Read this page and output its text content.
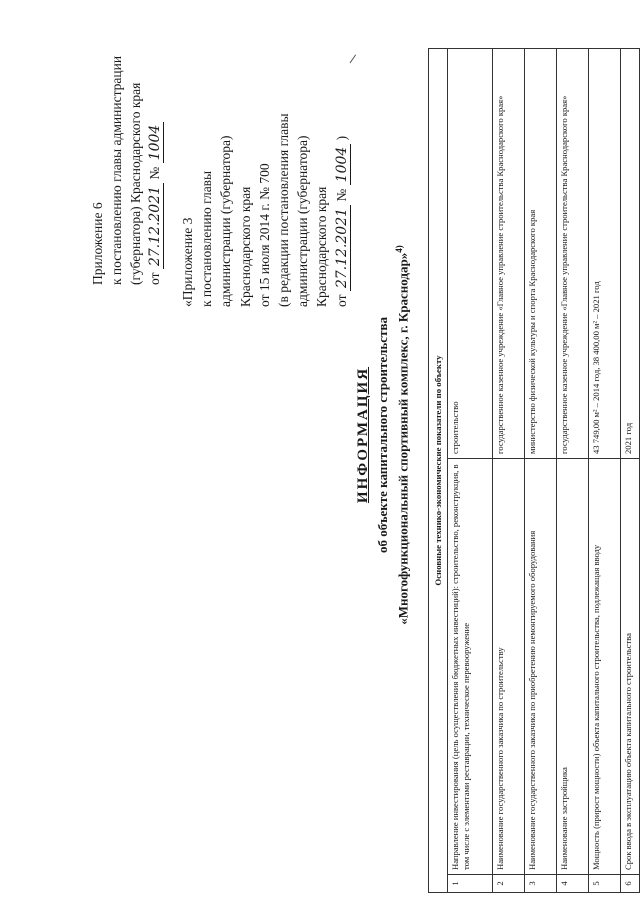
Приложение 6 к постановлению главы администрации (губернатора) Краснодарского края от 27.12.2021 № 1004
«Приложение 3 к постановлению главы администрации (губернатора) Краснодарского края от 15 июля 2014 г. № 700 (в редакции постановления главы администрации (губернатора) Краснодарского края от 27.12.2021 № 1004 )
ИНФОРМАЦИЯ об объекте капитального строительства «Многофункциональный спортивный комплекс, г. Краснодар»$^{4)}$
Основные технико-экономические показатели по объекту		
1	Направление инвестирования (цель осуществления бюджетных инвестиций): строительство, реконструкция, в том числе с элементами реставрации, техническое перевооружение	строительство
2	Наименование государственного заказчика по строительству	государственное казенное учреждение «Главное управление строительства Краснодарского края»
3	Наименование государственного заказчика по приобретению немонтируемого оборудования	министерство физической культуры и спорта Краснодарского края
4	Наименование застройщика	государственное казенное учреждение «Главное управление строительства Краснодарского края»
5	Мощность (прирост мощности) объекта капитального строительства, подлежащая вводу	43 749,00 м² – 2014 год, 38 400,00 м² – 2021 год
6	Срок ввода в эксплуатацию объекта капитального строительства	2021 год
